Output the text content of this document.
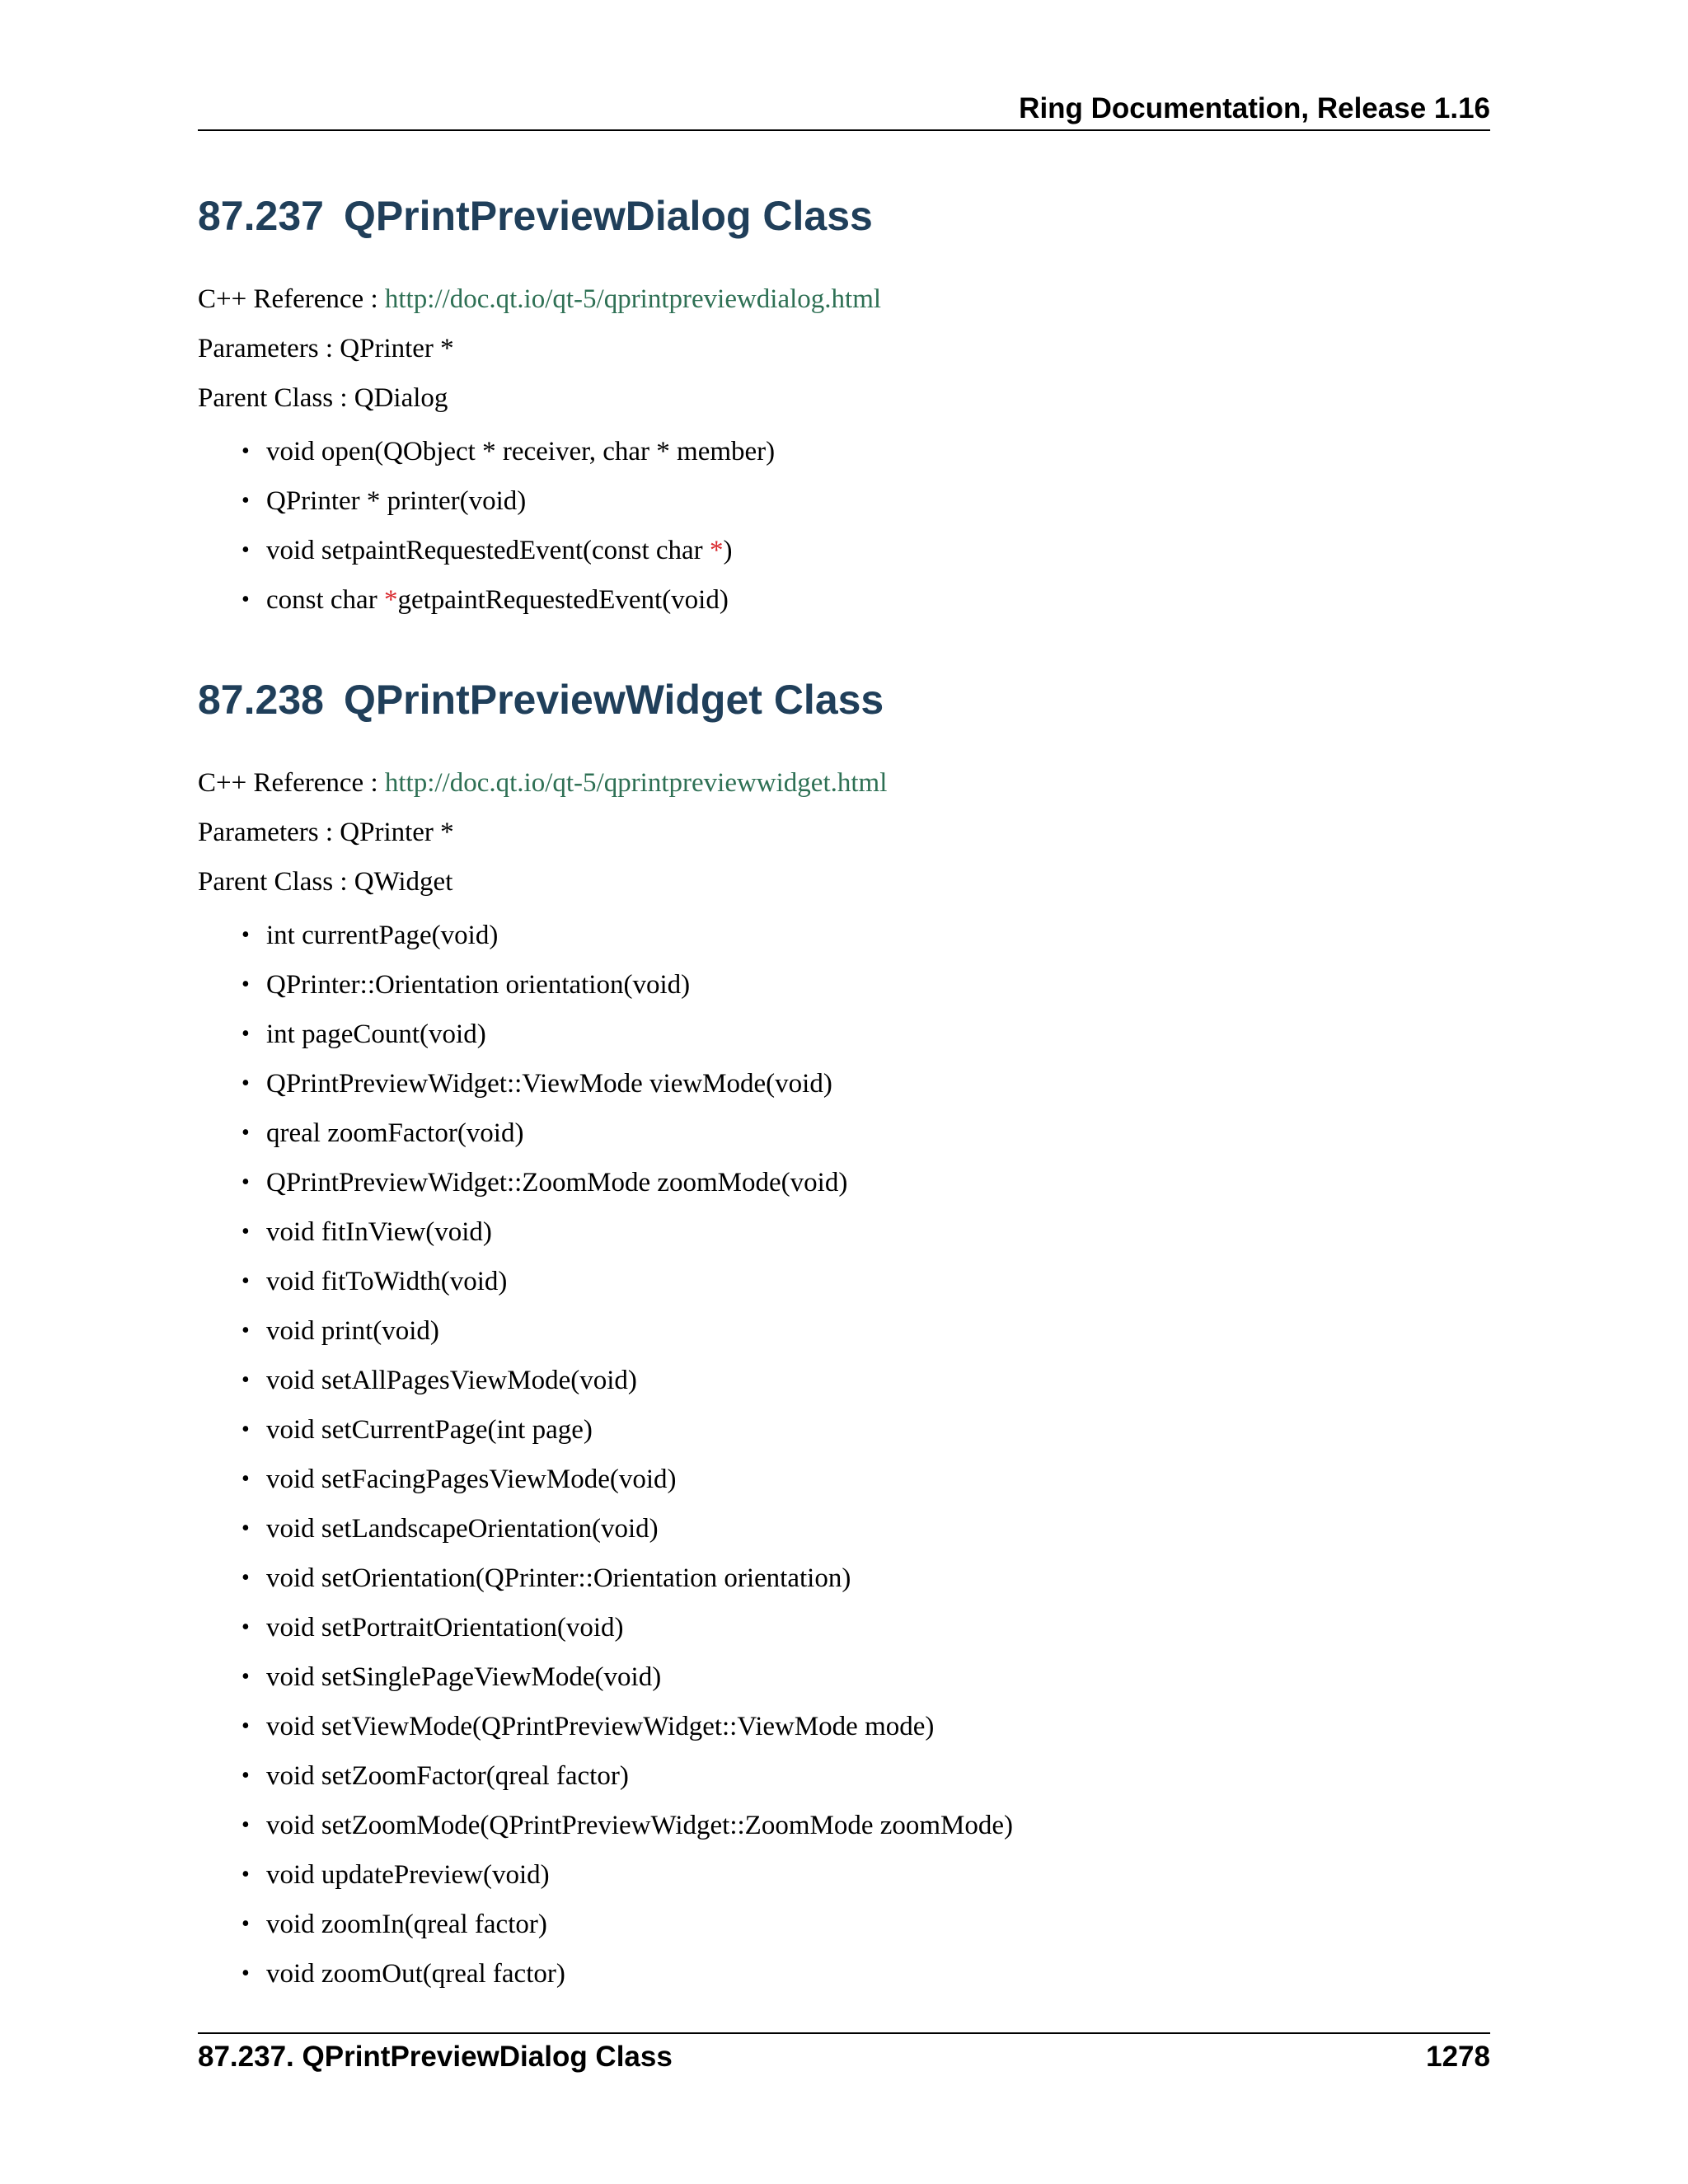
Ring Documentation, Release 1.16
87.237 QPrintPreviewDialog Class

C++ Reference : http://doc.qt.io/qt-5/qprintpreviewdialog.html

Parameters : QPrinter *

Parent Class : QDialog

• void open(QObject * receiver, char * member)
• QPrinter * printer(void)
• void setpaintRequestedEvent(const char *)
• const char *getpaintRequestedEvent(void)
87.238 QPrintPreviewWidget Class

C++ Reference : http://doc.qt.io/qt-5/qprintpreviewwidget.html

Parameters : QPrinter *

Parent Class : QWidget

• int currentPage(void)
• QPrinter::Orientation orientation(void)
• int pageCount(void)
• QPrintPreviewWidget::ViewMode viewMode(void)
• qreal zoomFactor(void)
• QPrintPreviewWidget::ZoomMode zoomMode(void)
• void fitInView(void)
• void fitToWidth(void)
• void print(void)
• void setAllPagesViewMode(void)
• void setCurrentPage(int page)
• void setFacingPagesViewMode(void)
• void setLandscapeOrientation(void)
• void setOrientation(QPrinter::Orientation orientation)
• void setPortraitOrientation(void)
• void setSinglePageViewMode(void)
• void setViewMode(QPrintPreviewWidget::ViewMode mode)
• void setZoomFactor(qreal factor)
• void setZoomMode(QPrintPreviewWidget::ZoomMode zoomMode)
• void updatePreview(void)
• void zoomIn(qreal factor)
• void zoomOut(qreal factor)
87.237. QPrintPreviewDialog Class	1278
